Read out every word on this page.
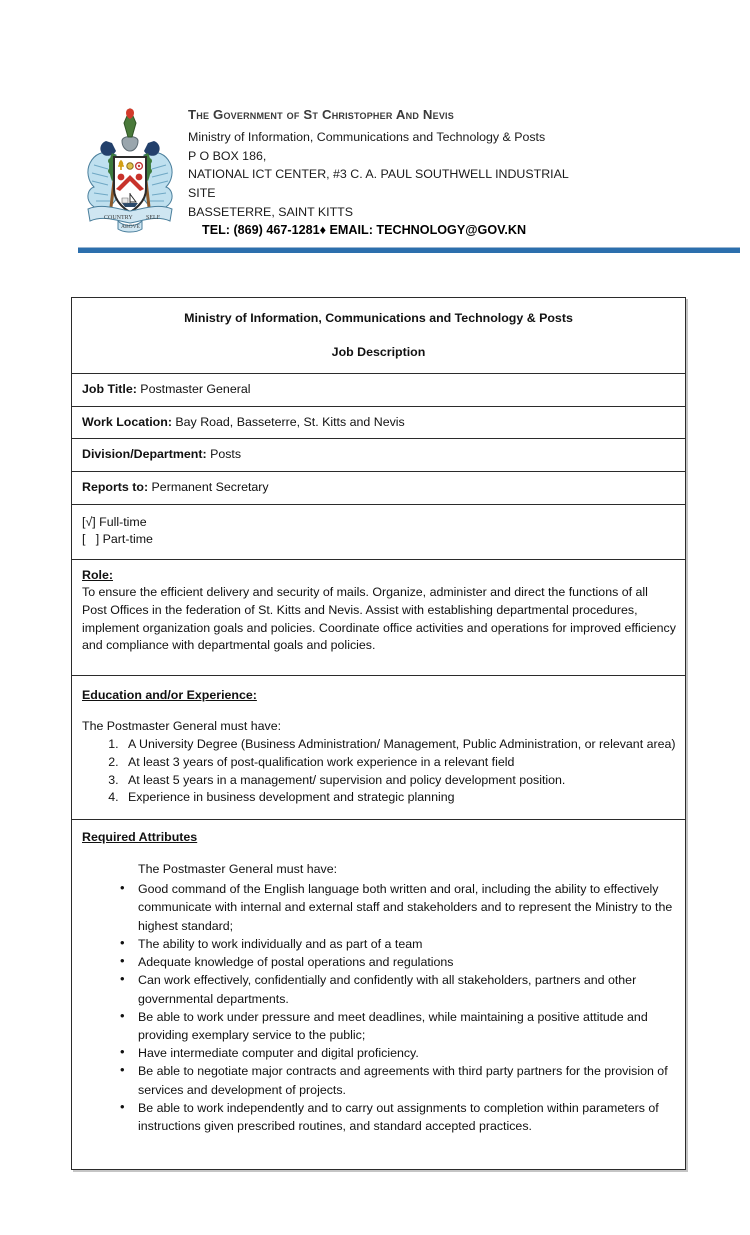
COUNTRY SELF
ABOVE
The Government of St Christopher And Nevis
Ministry of Information, Communications and Technology & Posts
P O BOX 186,
NATIONAL ICT CENTER, #3 C. A. PAUL SOUTHWELL INDUSTRIAL
SITE
BASSETERRE, SAINT KITTS
TEL: (869) 467-1281♦ EMAIL: TECHNOLOGY@GOV.KN
Ministry of Information, Communications and Technology & Posts
Job Description

Job Title: Postmaster General
Work Location: Bay Road, Basseterre, St. Kitts and Nevis
Division/Department: Posts
Reports to: Permanent Secretary
[√] Full-time
[   ] Part-time

Role:

To ensure the efficient delivery and security of mails. Organize, administer and direct the functions of all Post Offices in the federation of St. Kitts and Nevis. Assist with establishing departmental procedures, implement organization goals and policies. Coordinate office activities and operations for improved efficiency and compliance with departmental goals and policies.

Education and/or Experience:

The Postmaster General must have:

1. A University Degree (Business Administration/ Management, Public Administration, or relevant area)
2. At least 3 years of post-qualification work experience in a relevant field
3. At least 5 years in a management/ supervision and policy development position.
4. Experience in business development and strategic planning

Required Attributes

The Postmaster General must have:

• Good command of the English language both written and oral, including the ability to effectively communicate with internal and external staff and stakeholders and to represent the Ministry to the highest standard;
• The ability to work individually and as part of a team
• Adequate knowledge of postal operations and regulations
• Can work effectively, confidentially and confidently with all stakeholders, partners and other governmental departments.
• Be able to work under pressure and meet deadlines, while maintaining a positive attitude and providing exemplary service to the public;
• Have intermediate computer and digital proficiency.
• Be able to negotiate major contracts and agreements with third party partners for the provision of services and development of projects.
• Be able to work independently and to carry out assignments to completion within parameters of instructions given prescribed routines, and standard accepted practices.
